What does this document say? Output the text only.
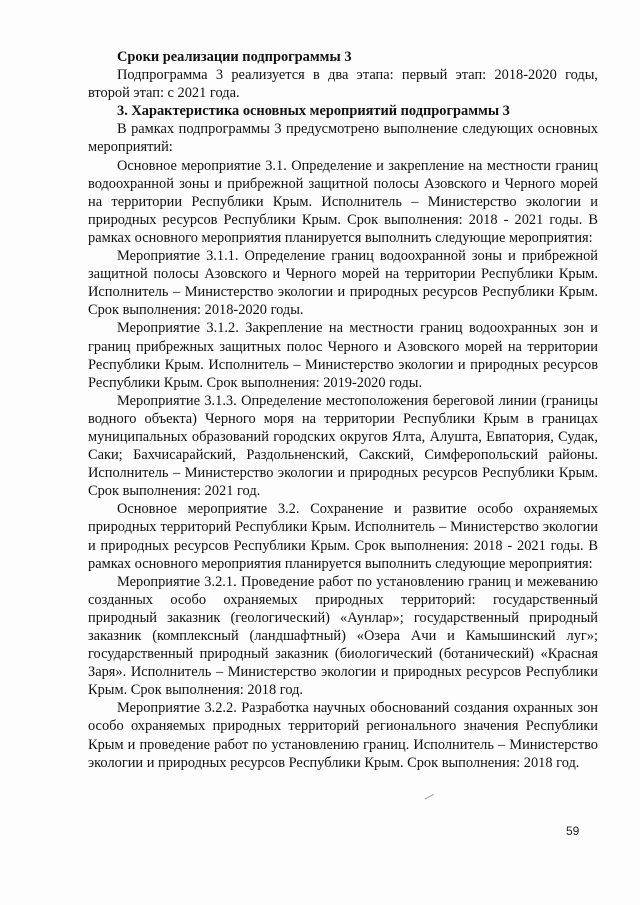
Сроки реализации подпрограммы 3

Подпрограмма 3 реализуется в два этапа: первый этап: 2018-2020 годы, второй этап: с 2021 года.

3. Характеристика основных мероприятий подпрограммы 3

В рамках подпрограммы 3 предусмотрено выполнение следующих основных мероприятий:

Основное мероприятие 3.1. Определение и закрепление на местности границ водоохранной зоны и прибрежной защитной полосы Азовского и Черного морей на территории Республики Крым. Исполнитель – Министерство экологии и природных ресурсов Республики Крым. Срок выполнения: 2018 - 2021 годы. В рамках основного мероприятия планируется выполнить следующие мероприятия:

Мероприятие 3.1.1. Определение границ водоохранной зоны и прибрежной защитной полосы Азовского и Черного морей на территории Республики Крым. Исполнитель – Министерство экологии и природных ресурсов Республики Крым. Срок выполнения: 2018-2020 годы.

Мероприятие 3.1.2. Закрепление на местности границ водоохранных зон и границ прибрежных защитных полос Черного и Азовского морей на территории Республики Крым. Исполнитель – Министерство экологии и природных ресурсов Республики Крым. Срок выполнения: 2019-2020 годы.

Мероприятие 3.1.3. Определение местоположения береговой линии (границы водного объекта) Черного моря на территории Республики Крым в границах муниципальных образований городских округов Ялта, Алушта, Евпатория, Судак, Саки; Бахчисарайский, Раздольненский, Сакский, Симферопольский районы. Исполнитель – Министерство экологии и природных ресурсов Республики Крым. Срок выполнения: 2021 год.

Основное мероприятие 3.2. Сохранение и развитие особо охраняемых природных территорий Республики Крым. Исполнитель – Министерство экологии и природных ресурсов Республики Крым. Срок выполнения: 2018 - 2021 годы. В рамках основного мероприятия планируется выполнить следующие мероприятия:

Мероприятие 3.2.1. Проведение работ по установлению границ и межеванию созданных особо охраняемых природных территорий: государственный природный заказник (геологический) «Аунлар»; государственный природный заказник (комплексный (ландшафтный) «Озера Ачи и Камышинский луг»; государственный природный заказник (биологический (ботанический) «Красная Заря». Исполнитель – Министерство экологии и природных ресурсов Республики Крым. Срок выполнения: 2018 год.

Мероприятие 3.2.2. Разработка научных обоснований создания охранных зон особо охраняемых природных территорий регионального значения Республики Крым и проведение работ по установлению границ. Исполнитель – Министерство экологии и природных ресурсов Республики Крым. Срок выполнения: 2018 год.

59
